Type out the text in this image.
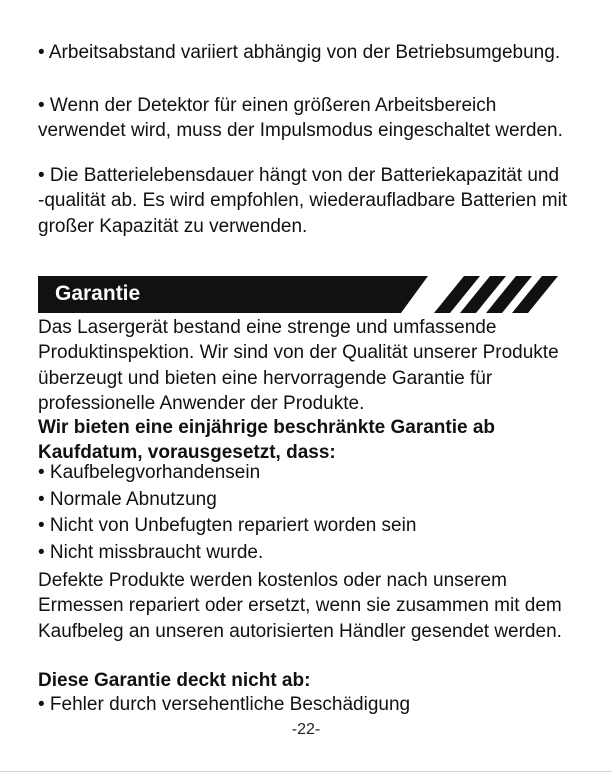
• Arbeitsabstand variiert abhängig von der Betriebsumgebung.

• Wenn der Detektor für einen größeren Arbeitsbereich verwendet wird, muss der Impulsmodus eingeschaltet werden.

• Die Batterielebensdauer hängt von der Batteriekapazität und -qualität ab. Es wird empfohlen, wiederaufladbare Batterien mit großer Kapazität zu verwenden.

Garantie

Das Lasergerät bestand eine strenge und umfassende Produktinspektion. Wir sind von der Qualität unserer Produkte überzeugt und bieten eine hervorragende Garantie für professionelle Anwender der Produkte.

Wir bieten eine einjährige beschränkte Garantie ab Kaufdatum, vorausgesetzt, dass:

• Kaufbelegvorhandensein

• Normale Abnutzung

• Nicht von Unbefugten repariert worden sein

• Nicht missbraucht wurde.

Defekte Produkte werden kostenlos oder nach unserem Ermessen repariert oder ersetzt, wenn sie zusammen mit dem Kaufbeleg an unseren autorisierten Händler gesendet werden.

Diese Garantie deckt nicht ab:

• Fehler durch versehentliche Beschädigung

-22-
